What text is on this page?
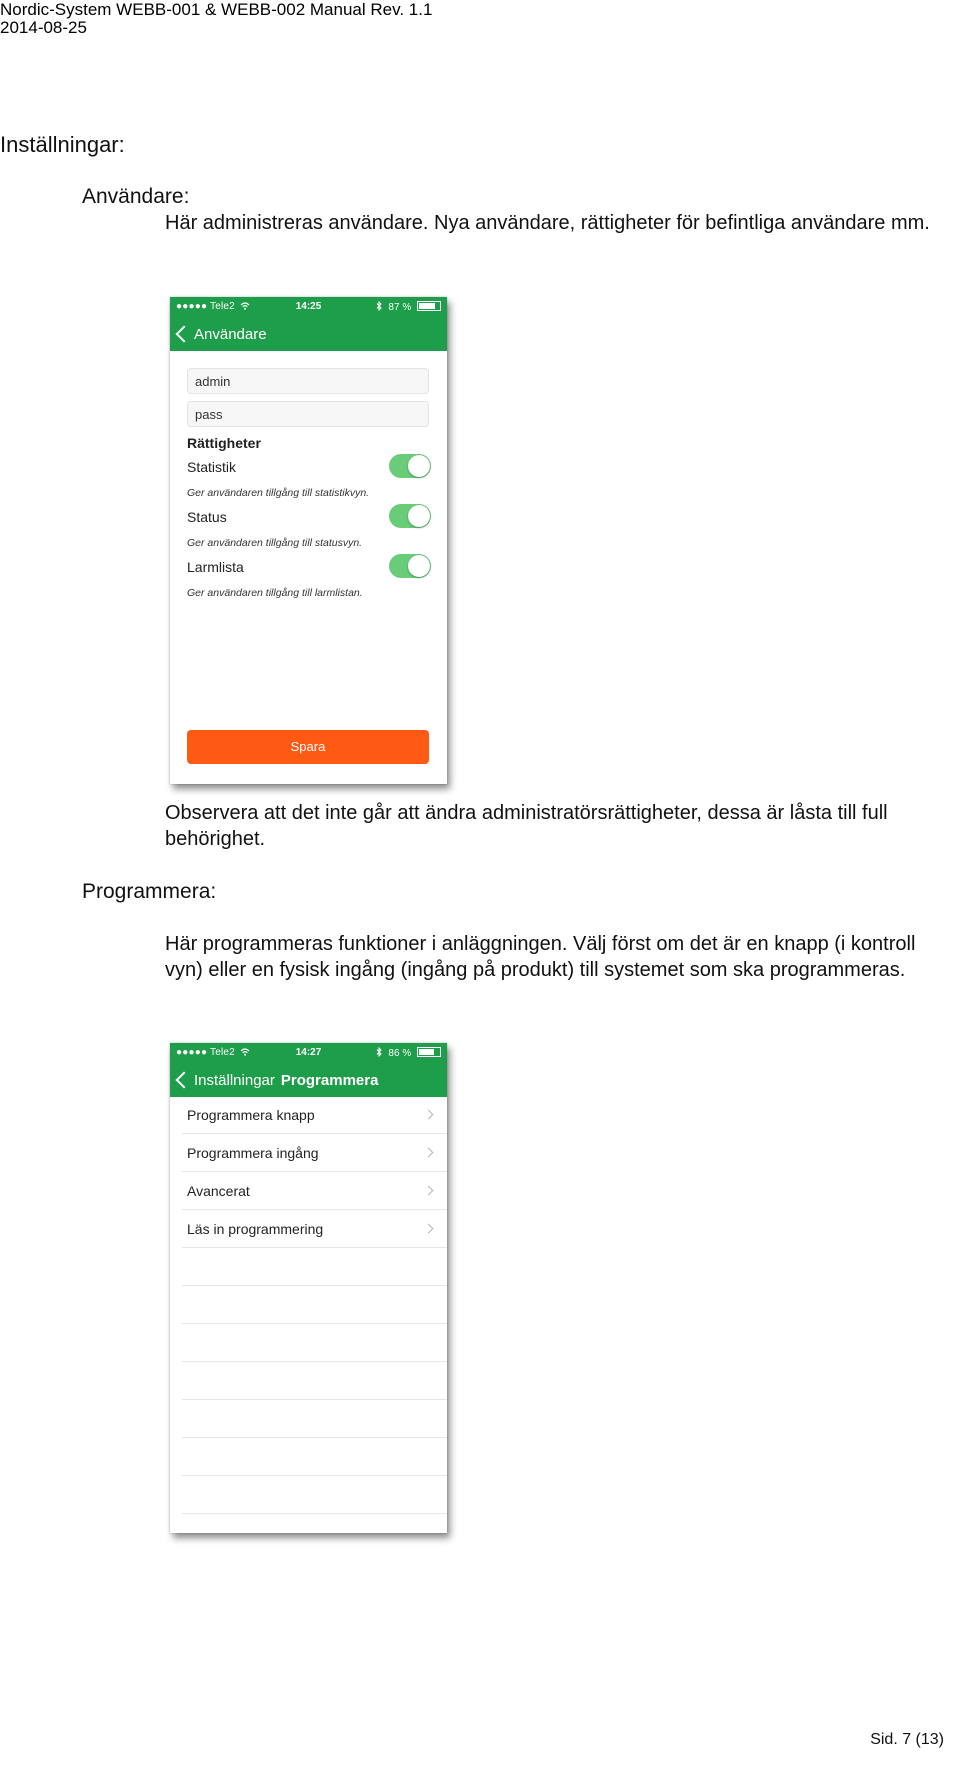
Nordic-System WEBB-001 & WEBB-002 Manual Rev. 1.1
2014-08-25
Inställningar:
Användare:
Här administreras användare. Nya användare, rättigheter för befintliga användare mm.
●●●●● Tele2	14:25	87 %
Användare
admin
pass
Rättigheter
Statistik
Ger användaren tillgång till statistikvyn.
Status
Ger användaren tillgång till statusvyn.
Larmlista
Ger användaren tillgång till larmlistan.
Spara
Observera att det inte går att ändra administratörsrättigheter, dessa är låsta till full behörighet.
Programmera:
Här programmeras funktioner i anläggningen. Välj först om det är en knapp (i kontroll vyn) eller en fysisk ingång (ingång på produkt) till systemet som ska programmeras.
●●●●● Tele2	14:27	86 %
Inställningar Programmera
Programmera knapp
Programmera ingång
Avancerat
Läs in programmering
Sid. 7 (13)
